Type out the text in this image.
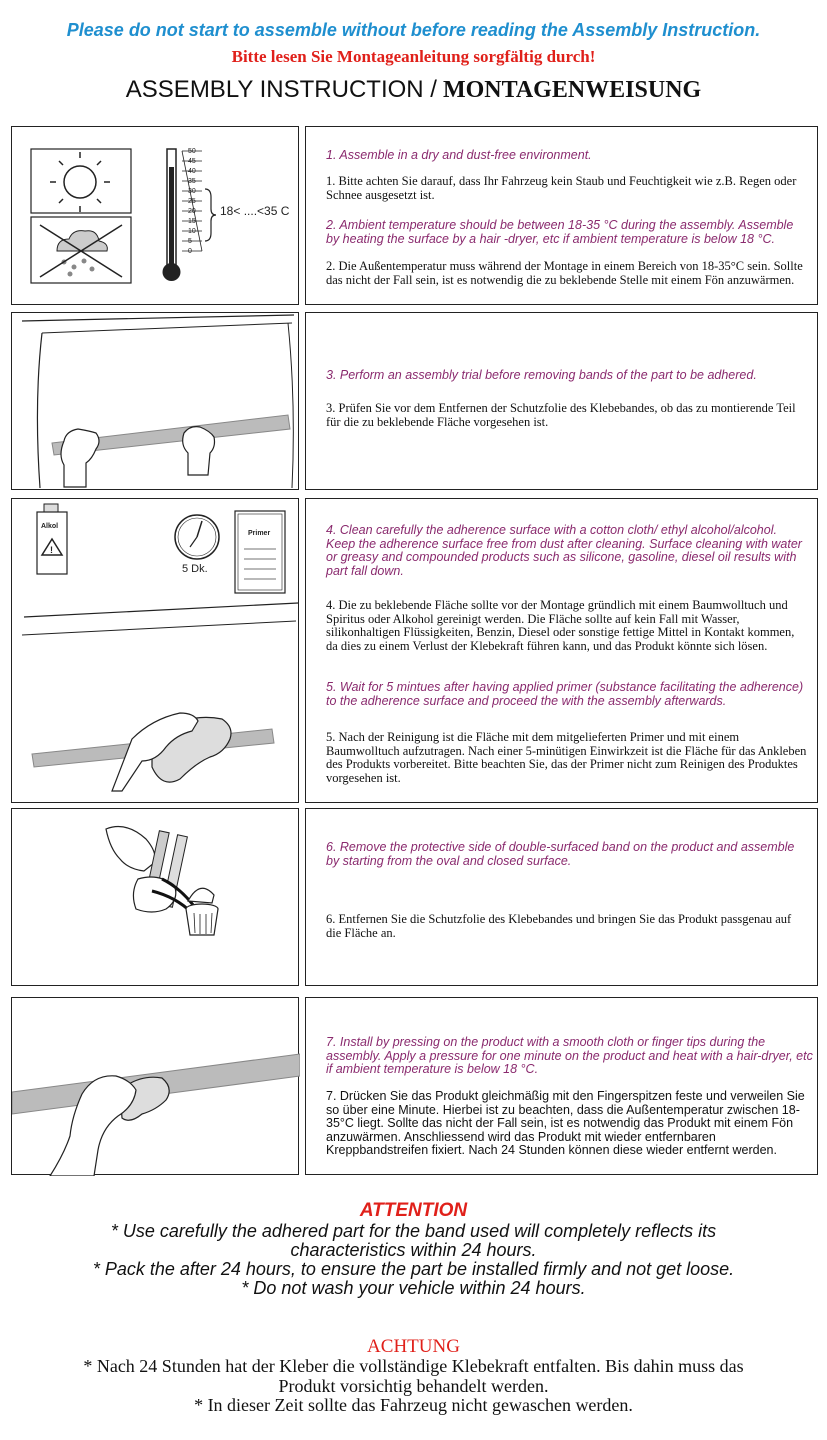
Please do not start to assemble without before reading the Assembly Instruction.
Bitte lesen Sie Montageanleitung sorgfältig durch!
ASSEMBLY INSTRUCTION / MONTAGENWEISUNG
50
45
40
35
30
25
20
15
10
5
0
18< ....<35 C

1. Assemble in a dry and dust-free environment.

1. Bitte achten Sie darauf, dass Ihr Fahrzeug kein Staub und Feuchtigkeit wie z.B. Regen oder Schnee ausgesetzt ist.

2. Ambient temperature should be between 18-35 °C during the assembly. Assemble by heating the surface by a hair -dryer, etc if ambient temperature is below 18 °C.

2. Die Außentemperatur muss während der Montage in einem Bereich von 18-35°C sein. Sollte das nicht der Fall sein, ist es notwendig die zu beklebende Stelle mit einem Fön anzuwärmen.

3. Perform an assembly trial before removing bands of the part to be adhered.

3. Prüfen Sie vor dem Entfernen der Schutzfolie des Klebebandes, ob das zu montierende Teil für die zu beklebende Fläche vorgesehen ist.

Alkol
!
5 Dk.
Primer	4. Clean carefully the adherence surface with a cotton cloth/ ethyl alcohol/alcohol. Keep the adherence surface free from dust after cleaning. Surface cleaning with water or greasy and compounded products such as silicone, gasoline, diesel oil results with part fall down.

4. Die zu beklebende Fläche sollte vor der Montage gründlich mit einem Baumwolltuch und Spiritus oder Alkohol gereinigt werden. Die Fläche sollte auf kein Fall mit Wasser, silikonhaltigen Flüssigkeiten, Benzin, Diesel oder sonstige fettige Mittel in Kontakt kommen, da dies zu einem Verlust der Klebekraft führen kann, und das Produkt könnte sich lösen.

5. Wait for 5 mintues after having applied primer (substance facilitating the adherence) to the adherence surface and proceed the with the assembly afterwards.

5. Nach der Reinigung ist die Fläche mit dem mitgelieferten Primer und mit einem Baumwolltuch aufzutragen. Nach einer 5-minütigen Einwirkzeit ist die Fläche für das Ankleben des Produkts vorbereitet. Bitte beachten Sie, das der Primer nicht zum Reinigen des Produktes vorgesehen ist.

6. Remove the protective side of double-surfaced band on the product and assemble by starting from the oval and closed surface.

6. Entfernen Sie die Schutzfolie des Klebebandes und bringen Sie das Produkt passgenau auf die Fläche an.

7. Install by pressing on the product with a smooth cloth or finger tips during the assembly. Apply a pressure for one minute on the product and heat with a hair-dryer, etc if ambient temperature is below 18 °C.

7. Drücken Sie das Produkt gleichmäßig mit den Fingerspitzen feste und verweilen Sie so über eine Minute. Hierbei ist zu beachten, dass die Außentemperatur zwischen 18-35°C liegt. Sollte das nicht der Fall sein, ist es notwendig das Produkt mit einem Fön anzuwärmen. Anschliessend wird das Produkt mit wieder entfernbaren Kreppbandstreifen fixiert. Nach 24 Stunden können diese wieder entfernt werden.

ATTENTION
* Use carefully the adhered part for the band used will completely reflects its
characteristics within 24 hours.
* Pack the after 24 hours, to ensure the part be installed firmly and not get loose.
* Do not wash your vehicle within 24 hours.
ACHTUNG
* Nach 24 Stunden hat der Kleber die vollständige Klebekraft entfalten. Bis dahin muss das
Produkt vorsichtig behandelt werden.
* In dieser Zeit sollte das Fahrzeug nicht gewaschen werden.
